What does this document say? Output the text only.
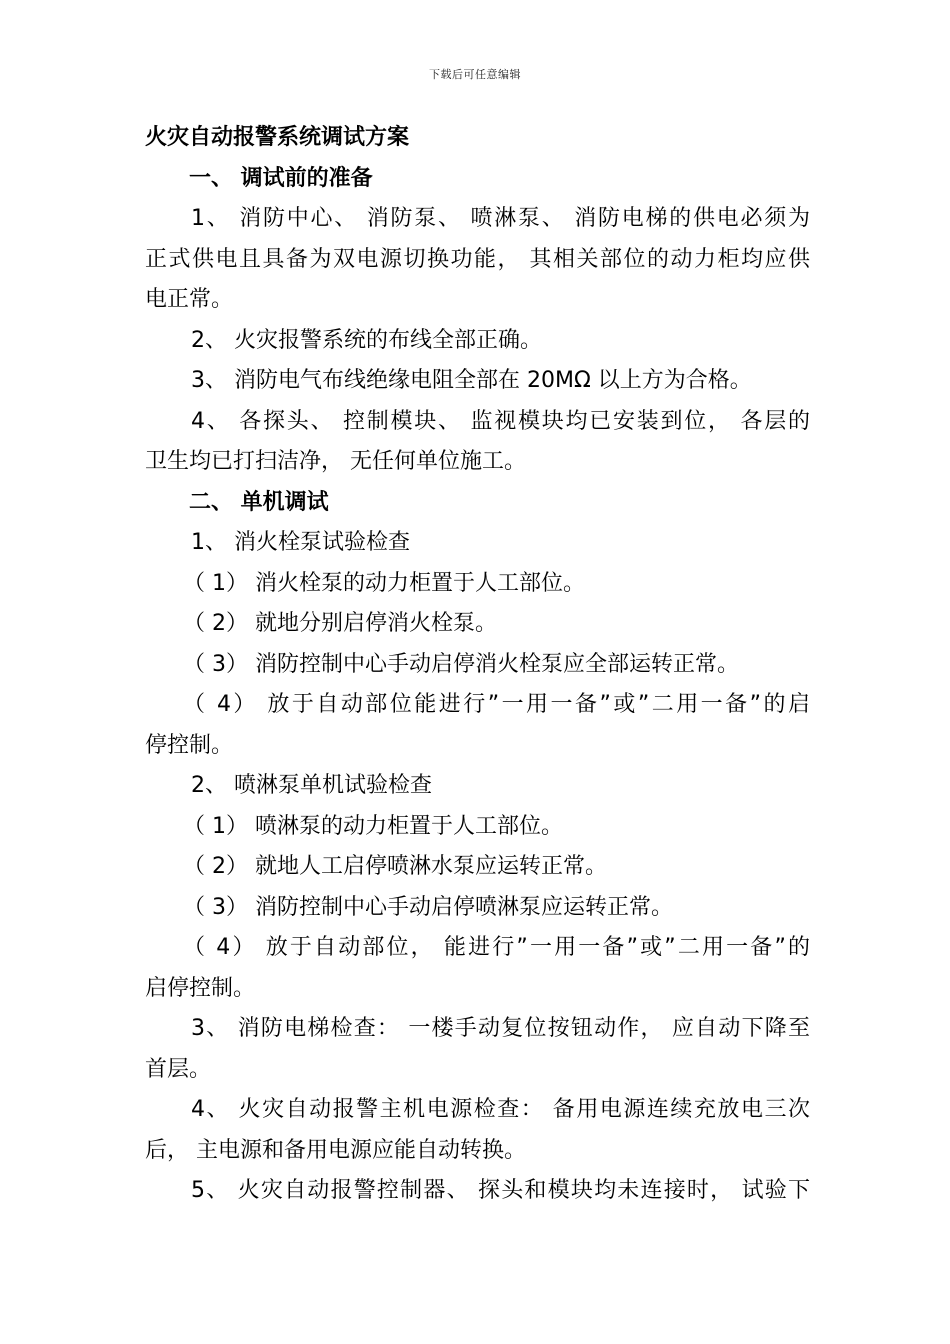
下载后可任意编辑
火灾自动报警系统调试方案
一、 调试前的准备
1、 消防中心、 消防泵、 喷淋泵、 消防电梯的供电必须为
正式供电且具备为双电源切换功能， 其相关部位的动力柜均应供
电正常。
2、 火灾报警系统的布线全部正确。
3、 消防电气布线绝缘电阻全部在 20MΩ 以上方为合格。
4、 各探头、 控制模块、 监视模块均已安装到位， 各层的
卫生均已打扫洁净， 无任何单位施工。
二、 单机调试
1、 消火栓泵试验检查
（ 1） 消火栓泵的动力柜置于人工部位。
（ 2） 就地分别启停消火栓泵。
（ 3） 消防控制中心手动启停消火栓泵应全部运转正常。
（ 4） 放于自动部位能进行”一用一备”或”二用一备”的启
停控制。
2、 喷淋泵单机试验检查
（ 1） 喷淋泵的动力柜置于人工部位。
（ 2） 就地人工启停喷淋水泵应运转正常。
（ 3） 消防控制中心手动启停喷淋泵应运转正常。
（ 4） 放于自动部位， 能进行”一用一备”或”二用一备”的
启停控制。
3、 消防电梯检查： 一楼手动复位按钮动作， 应自动下降至
首层。
4、 火灾自动报警主机电源检查： 备用电源连续充放电三次
后， 主电源和备用电源应能自动转换。
5、 火灾自动报警控制器、 探头和模块均未连接时， 试验下
